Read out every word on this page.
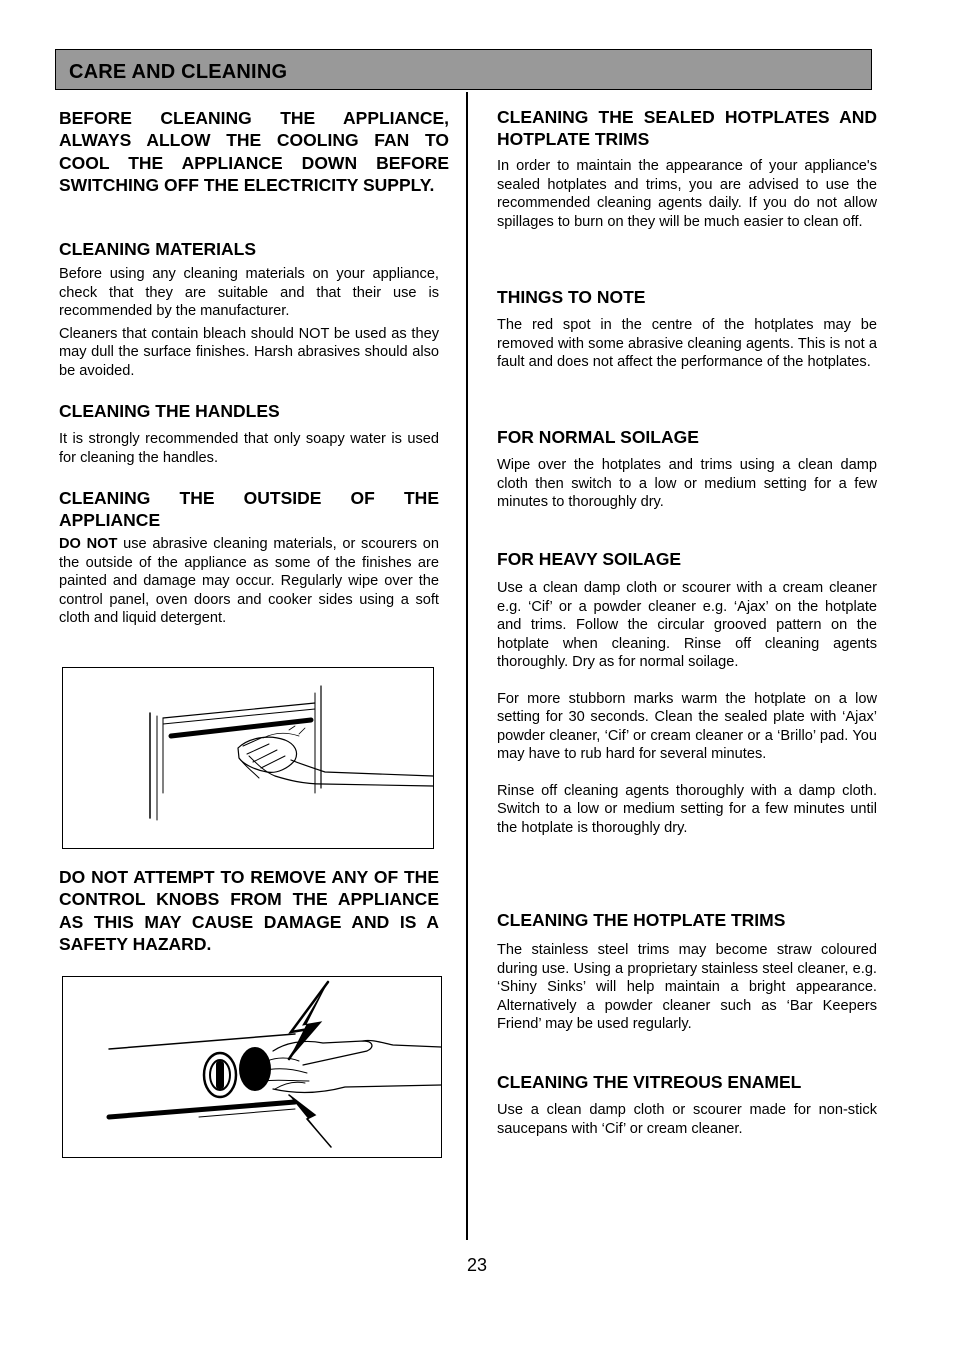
CARE AND CLEANING

BEFORE CLEANING THE APPLIANCE, ALWAYS ALLOW THE COOLING FAN TO COOL THE APPLIANCE DOWN BEFORE SWITCHING OFF THE ELECTRICITY SUPPLY.

CLEANING MATERIALS

Before using any cleaning materials on your appliance, check that they are suitable and that their use is recommended by the manufacturer.

Cleaners that contain bleach should NOT be used as they may dull the surface finishes. Harsh abrasives should also be avoided.

CLEANING THE HANDLES

It is strongly recommended that only soapy water is used for cleaning the handles.

CLEANING THE OUTSIDE OF THE APPLIANCE

DO NOT use abrasive cleaning materials, or scourers on the outside of the appliance as some of the finishes are painted and damage may occur. Regularly wipe over the control panel, oven doors and cooker sides using a soft cloth and liquid detergent.

DO NOT ATTEMPT TO REMOVE ANY OF THE CONTROL KNOBS FROM THE APPLIANCE AS THIS MAY CAUSE DAMAGE AND IS A SAFETY HAZARD.

CLEANING THE SEALED HOTPLATES AND HOTPLATE TRIMS

In order to maintain the appearance of your appliance's sealed hotplates and trims, you are advised to use the recommended cleaning agents daily. If you do not allow spillages to burn on they will be much easier to clean off.

THINGS TO NOTE

The red spot in the centre of the hotplates may be removed with some abrasive cleaning agents. This is not a fault and does not affect the performance of the hotplates.

FOR NORMAL SOILAGE

Wipe over the hotplates and trims using a clean damp cloth then switch to a low or medium setting for a few minutes to thoroughly dry.

FOR HEAVY SOILAGE

Use a clean damp cloth or scourer with a cream cleaner e.g. ‘Cif’ or a powder cleaner e.g. ‘Ajax’ on the hotplate and trims. Follow the circular grooved pattern on the hotplate when cleaning. Rinse off cleaning agents thoroughly. Dry as for normal soilage.

For more stubborn marks warm the hotplate on a low setting for 30 seconds. Clean the sealed plate with ‘Ajax’ powder cleaner, ‘Cif’ or cream cleaner or a ‘Brillo’ pad. You may have to rub hard for several minutes.

Rinse off cleaning agents thoroughly with a damp cloth. Switch to a low or medium setting for a few minutes until the hotplate is thoroughly dry.

CLEANING THE HOTPLATE TRIMS

The stainless steel trims may become straw coloured during use. Using a proprietary stainless steel cleaner, e.g. ‘Shiny Sinks’ will help maintain a bright appearance. Alternatively a powder cleaner such as ‘Bar Keepers Friend’ may be used regularly.

CLEANING THE VITREOUS ENAMEL

Use a clean damp cloth or scourer made for non-stick saucepans with ‘Cif’ or cream cleaner.

23
